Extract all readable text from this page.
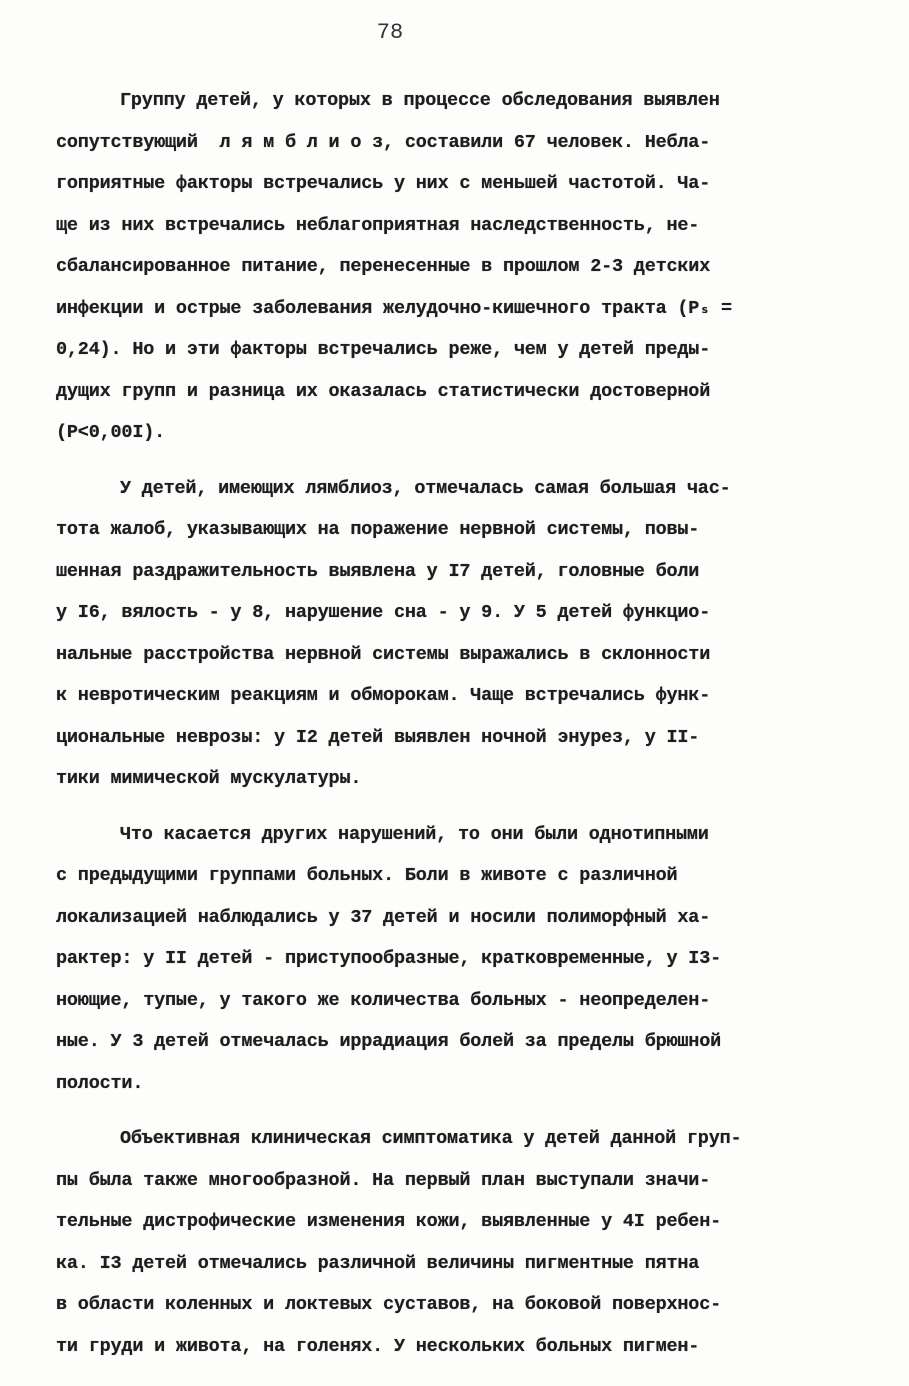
78
Группу детей, у которых в процессе обследования выявлен
сопутствующий  л я м б л и о з, составили 67 человек. Небла-
гоприятные факторы встречались у них с меньшей частотой. Ча-
ще из них встречались неблагоприятная наследственность, не-
сбалансированное питание, перенесенные в прошлом 2-3 детских
инфекции и острые заболевания желудочно-кишечного тракта (Pₛ =
0,24). Но и эти факторы встречались реже, чем у детей преды-
дущих групп и разница их оказалась статистически достоверной
(P<0,00I).
У детей, имеющих лямблиоз, отмечалась самая большая час-
тота жалоб, указывающих на поражение нервной системы, повы-
шенная раздражительность выявлена у I7 детей, головные боли
у I6, вялость - у 8, нарушение сна - у 9. У 5 детей функцио-
нальные расстройства нервной системы выражались в склонности
к невротическим реакциям и обморокам. Чаще встречались функ-
циональные неврозы: у I2 детей выявлен ночной энурез, у II-
тики мимической мускулатуры.
Что касается других нарушений, то они были однотипными
с предыдущими группами больных. Боли в животе с различной
локализацией наблюдались у 37 детей и носили полиморфный ха-
рактер: у II детей - приступообразные, кратковременные, у I3-
ноющие, тупые, у такого же количества больных - неопределен-
ные. У 3 детей отмечалась иррадиация болей за пределы брюшной
полости.
Объективная клиническая симптоматика у детей данной груп-
пы была также многообразной. На первый план выступали значи-
тельные дистрофические изменения кожи, выявленные у 4I ребен-
ка. I3 детей отмечались различной величины пигментные пятна
в области коленных и локтевых суставов, на боковой поверхнос-
ти груди и живота, на голенях. У нескольких больных пигмен-
